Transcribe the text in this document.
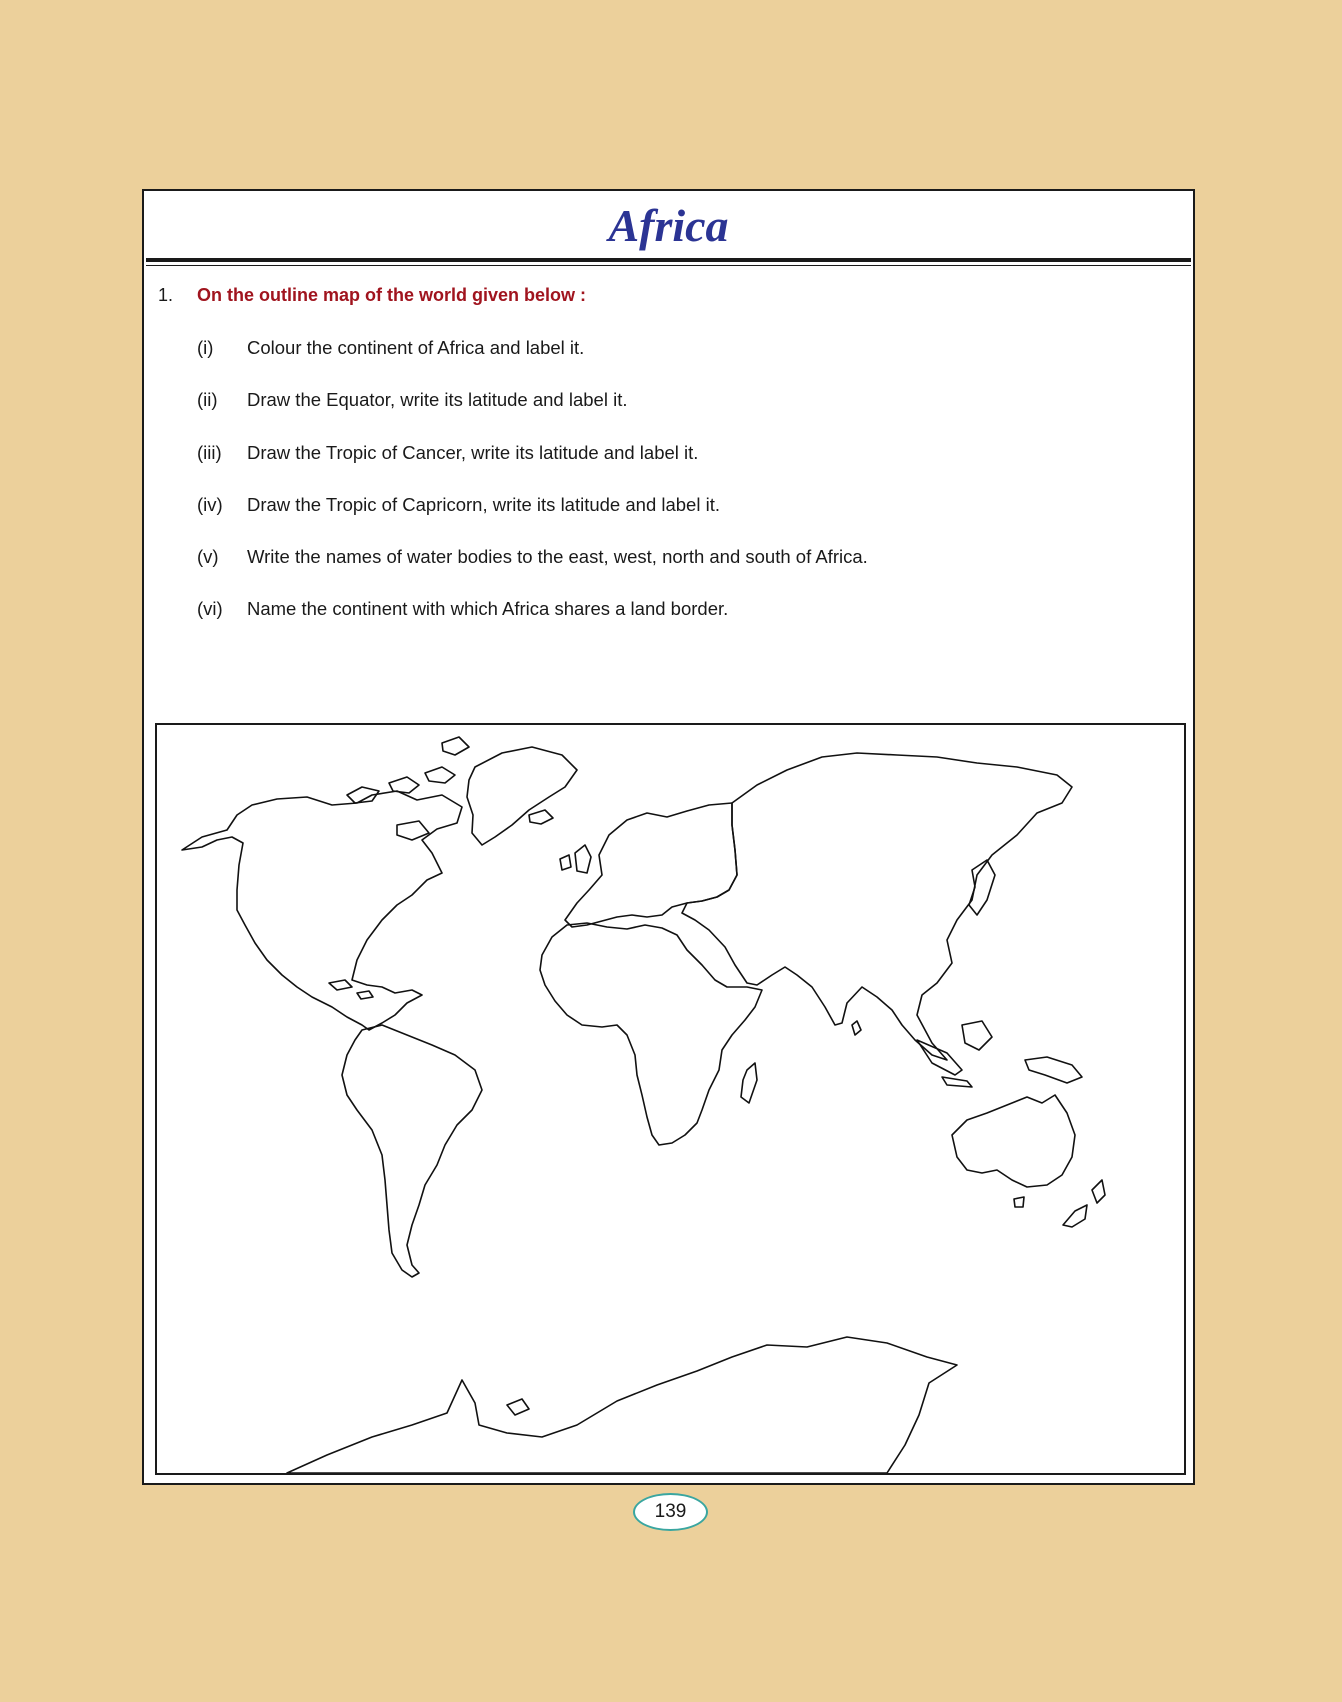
Africa
1. On the outline map of the world given below :
(i)	Colour the continent of Africa and label it.
(ii)	Draw the Equator, write its latitude and label it.
(iii)	Draw the Tropic of Cancer, write its latitude and label it.
(iv)	Draw the Tropic of Capricorn, write its latitude and label it.
(v)	Write the names of water bodies to the east, west, north and south of Africa.
(vi)	Name the continent with which Africa shares a land border.
139
